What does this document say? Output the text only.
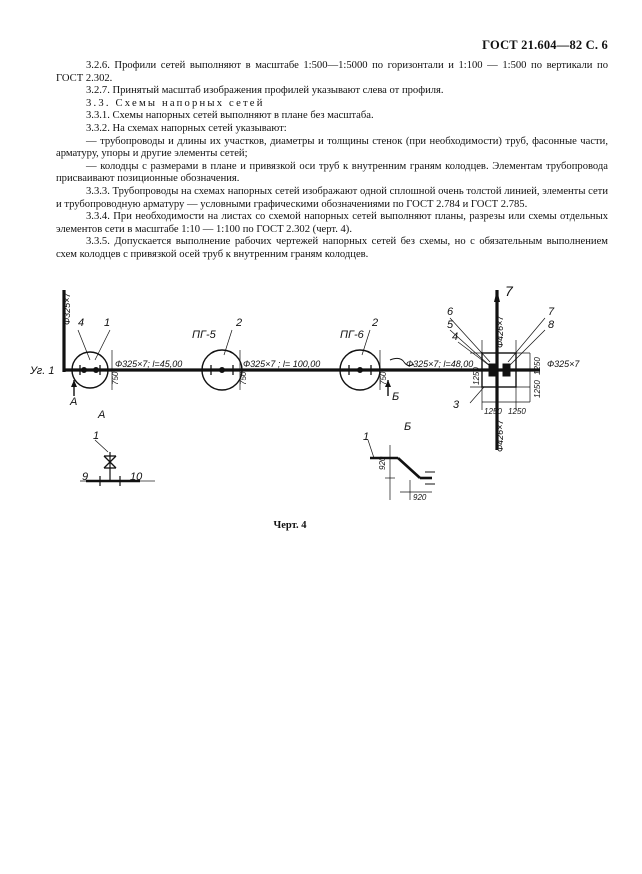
ГОСТ 21.604—82 С. 6

3.2.6. Профили сетей выполняют в масштабе 1:500—1:5000 по горизонтали и 1:100 — 1:500 по вертикали по ГОСТ 2.302.

3.2.7. Принятый масштаб изображения профилей указывают слева от профиля.

3.3. Схемы напорных сетей

3.3.1. Схемы напорных сетей выполняют в плане без масштаба.

3.3.2. На схемах напорных сетей указывают:

— трубопроводы и длины их участков, диаметры и толщины стенок (при необходимости) труб, фасонные части, арматуру, упоры и другие элементы сетей;

— колодцы с размерами в плане и привязкой оси труб к внутренним граням колодцев. Элементам трубопровода присваивают позиционные обозначения.

3.3.3. Трубопроводы на схемах напорных сетей изображают одной сплошной очень толстой линией, элементы сети и трубопроводную арматуру — условными графическими обозначениями по ГОСТ 2.784 и ГОСТ 2.785.

3.3.4. При необходимости на листах со схемой напорных сетей выполняют планы, разрезы или схемы отдельных элементов сети в масштабе 1:10 — 1:100 по ГОСТ 2.302 (черт. 4).

3.3.5. Допускается выполнение рабочих чертежей напорных сетей без схемы, но с обязательным выполнением схем колодцев с привязкой осей труб к внутренним граням колодцев.

Уг. 1
Ф325×7
ПГ-5	ПГ-6
Ф325×7; l=45,00	Ф325×7 ; l= 100,00	Ф325×7; l=48,00	Ф325×7
750	750	750	1250
1250
1250
1250 1250
Ф426×7
Ф426×7
1	2	2
3
4
4
5
6
7
7
8
1
9	10
1
А
А
Б
Б
920
920
Черт. 4
